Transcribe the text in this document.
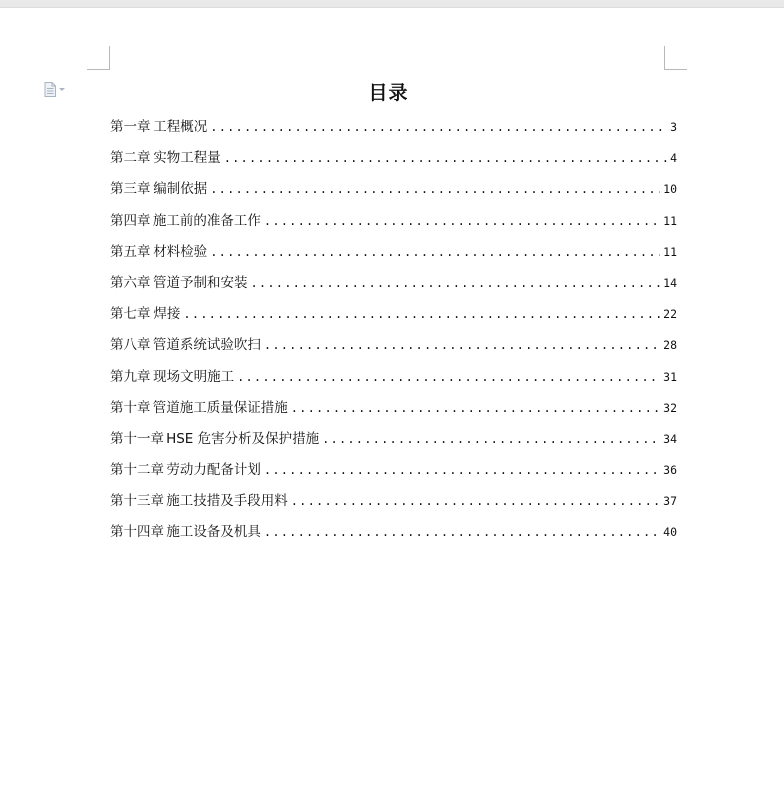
目录
第一章 工程概况 .....	3
第二章 实物工程量 .....	4
第三章 编制依据 .....	10
第四章 施工前的准备工作 .....	11
第五章 材料检验 .....	11
第六章 管道予制和安装 .....	14
第七章 焊接 .....	22
第八章 管道系统试验吹扫 .....	28
第九章 现场文明施工 .....	31
第十章 管道施工质量保证措施 .....	32
第十一章 HSE 危害分析及保护措施 .....	34
第十二章 劳动力配备计划 .....	36
第十三章 施工技措及手段用料 .....	37
第十四章 施工设备及机具 .....	40
